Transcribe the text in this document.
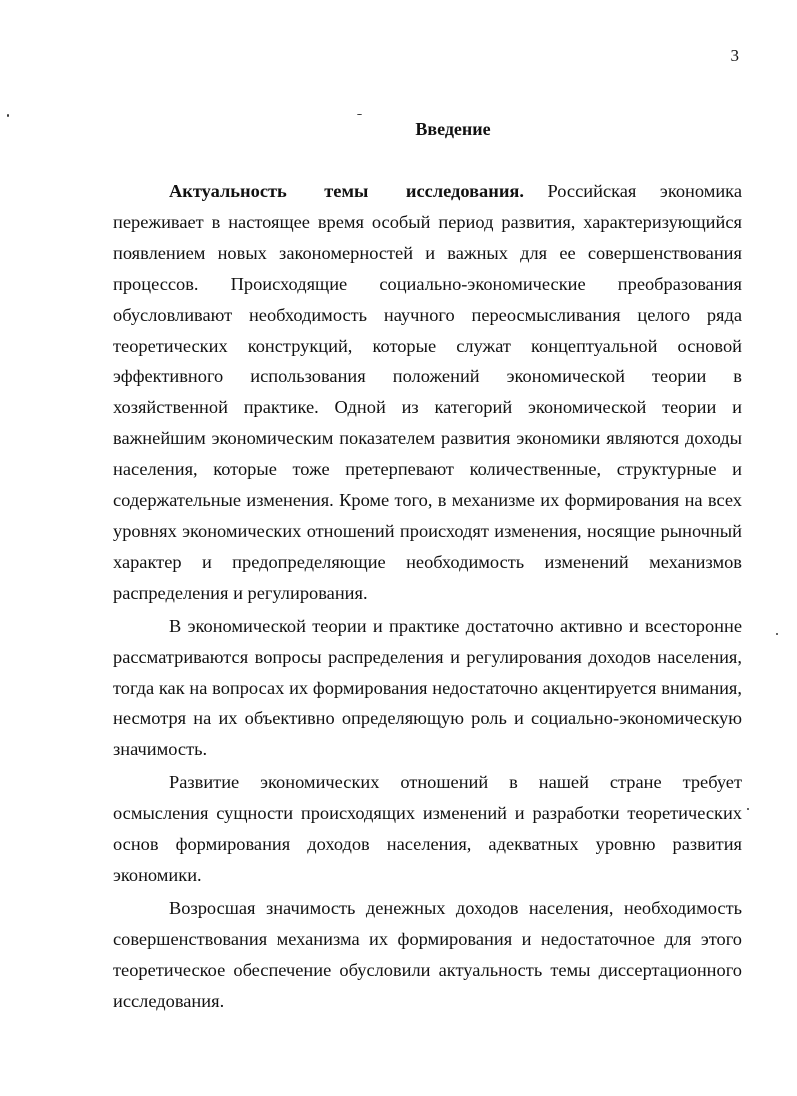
3
Введение

Актуальность темы исследования. Российская экономика переживает в настоящее время особый период развития, характеризующийся появлением новых закономерностей и важных для ее совершенствования процессов. Происходящие социально-экономические преобразования обусловливают необходимость научного переосмысливания целого ряда теоретических конструкций, которые служат концептуальной основой эффективного использования положений экономической теории в хозяйственной практике. Одной из категорий экономической теории и важнейшим экономическим показателем развития экономики являются доходы населения, которые тоже претерпевают количественные, структурные и содержательные изменения. Кроме того, в механизме их формирования на всех уровнях экономических отношений происходят изменения, носящие рыночный характер и предопределяющие необходимость изменений механизмов распределения и регулирования.

В экономической теории и практике достаточно активно и всесторонне рассматриваются вопросы распределения и регулирования доходов населения, тогда как на вопросах их формирования недостаточно акцентируется внимания, несмотря на их объективно определяющую роль и социально-экономическую значимость.

Развитие экономических отношений в нашей стране требует осмысления сущности происходящих изменений и разработки теоретических основ формирования доходов населения, адекватных уровню развития экономики.

Возросшая значимость денежных доходов населения, необходимость совершенствования механизма их формирования и недостаточное для этого теоретическое обеспечение обусловили актуальность темы диссертационного исследования.
